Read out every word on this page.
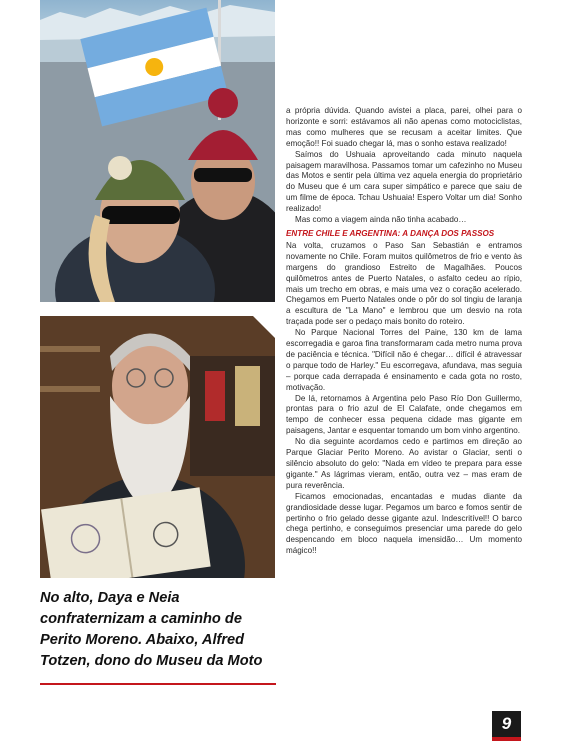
No alto, Daya e Neia confraternizam a caminho de Perito Moreno. Abaixo, Alfred Totzen, dono do Museu da Moto

a própria dúvida. Quando avistei a placa, parei, olhei para o horizonte e sorri: estávamos ali não apenas como motociclistas, mas como mulheres que se recusam a aceitar limites. Que emoção!! Foi suado chegar lá, mas o sonho estava realizado!

Saímos do Ushuaia aproveitando cada minuto naquela paisagem maravilhosa. Passamos tomar um cafezinho no Museu das Motos e sentir pela última vez aquela energia do proprietário do Museu que é um cara super simpático e parece que saiu de um filme de época. Tchau Ushuaia! Espero Voltar um dia! Sonho realizado!

Mas como a viagem ainda não tinha acabado…

ENTRE CHILE E ARGENTINA: A DANÇA DOS PASSOS

Na volta, cruzamos o Paso San Sebastián e entramos novamente no Chile. Foram muitos quilômetros de frio e vento às margens do grandioso Estreito de Magalhães. Poucos quilômetros antes de Puerto Natales, o asfalto cedeu ao rípio, mais um trecho em obras, e mais uma vez o coração acelerado. Chegamos em Puerto Natales onde o pôr do sol tingiu de laranja a escultura de "La Mano" e lembrou que um desvio na rota traçada pode ser o pedaço mais bonito do roteiro.

No Parque Nacional Torres del Paine, 130 km de lama escorregadia e garoa fina transformaram cada metro numa prova de paciência e técnica. "Difícil não é chegar… difícil é atravessar o parque todo de Harley." Eu escorregava, afundava, mas seguia – porque cada derrapada é ensinamento e cada gota no rosto, motivação.

De lá, retornamos à Argentina pelo Paso Río Don Guillermo, prontas para o frio azul de El Calafate, onde chegamos em tempo de conhecer essa pequena cidade mas gigante em paisagens, Jantar e esquentar tomando um bom vinho argentino.

No dia seguinte acordamos cedo e partimos em direção ao Parque Glaciar Perito Moreno. Ao avistar o Glaciar, senti o silêncio absoluto do gelo: "Nada em vídeo te prepara para esse gigante." As lágrimas vieram, então, outra vez – mas eram de pura reverência.

Ficamos emocionadas, encantadas e mudas diante da grandiosidade desse lugar. Pegamos um barco e fomos sentir de pertinho o frio gelado desse gigante azul. Indescritível!! O barco chega pertinho, e conseguimos presenciar uma parede do gelo despencando em bloco naquela imensidão… Um momento mágico!!

9
